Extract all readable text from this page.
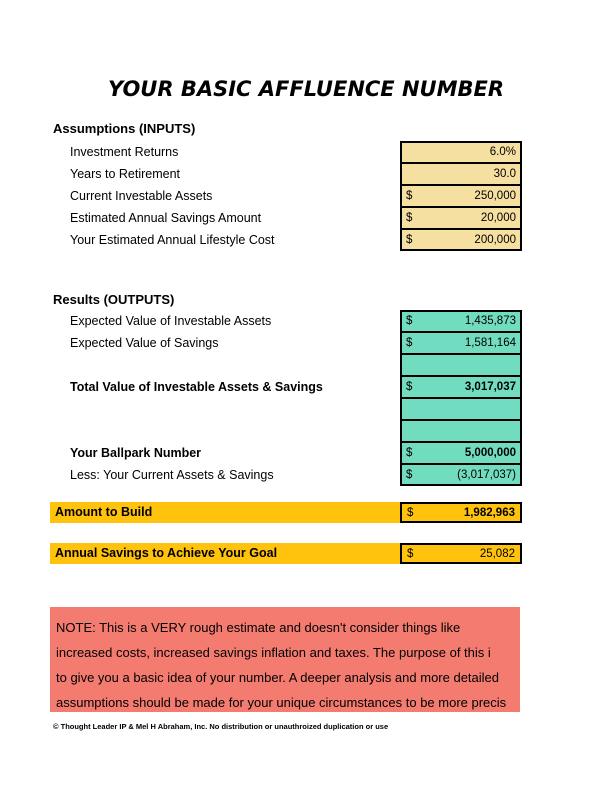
YOUR BASIC AFFLUENCE NUMBER
Assumptions (INPUTS)
Investment Returns	6.0%
Years to Retirement	30.0
Current Investable Assets	$	250,000
Estimated Annual Savings Amount	$	20,000
Your Estimated Annual Lifestyle Cost	$	200,000
Results (OUTPUTS)
Expected Value of Investable Assets	$	1,435,873
Expected Value of Savings	$	1,581,164
Total Value of Investable Assets & Savings	$	3,017,037
Your Ballpark Number	$	5,000,000
Less: Your Current Assets & Savings	$	(3,017,037)
Amount to Build	$	1,982,963
Annual Savings to Achieve Your Goal	$	25,082
NOTE: This is a VERY rough estimate and doesn't consider things like
increased costs, increased savings inflation and taxes. The purpose of this i
to give you a basic idea of your number. A deeper analysis and more detailed
assumptions should be made for your unique circumstances to be more precis
© Thought Leader IP & Mel H Abraham, Inc. No distribution or unauthroized duplication or use
